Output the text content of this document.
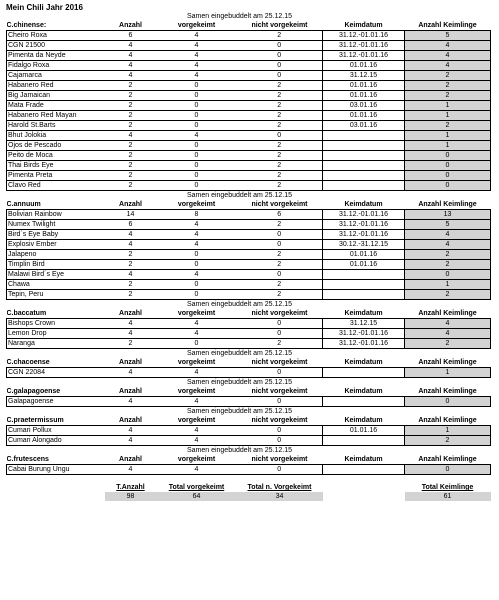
Mein Chili Jahr 2016
		Samen eingebuddelt am 25.12.15			
C.chinense:	Anzahl	vorgekeimt	nicht vorgekeimt	Keimdatum	Anzahl Keimlinge
Cheiro Roxa	6	4	2	31.12.-01.01.16	5
CGN 21500	4	4	0	31.12.-01.01.16	4
Pimenta da Neyde	4	4	0	31.12.-01.01.16	4
Fidalgo Roxa	4	4	0	01.01.16	4
Cajamarca	4	4	0	31.12.15	2
Habanero Red	2	0	2	01.01.16	2
Big Jamaican	2	0	2	01.01.16	2
Mata Frade	2	0	2	03.01.16	1
Habanero Red Mayan	2	0	2	01.01.16	1
Harold St.Barts	2	0	2	03.01.16	2
Bhut Jolokia	4	4	0		1
Ojos de Pescado	2	0	2		1
Peito de Moca	2	0	2		0
Thai Birds Eye	2	0	2		0
Pimenta Preta	2	0	2		0
Clavo Red	2	0	2		0
		Samen eingebuddelt am 25.12.15			
C.annuum	Anzahl	vorgekeimt	nicht vorgekeimt	Keimdatum	Anzahl Keimlinge
Bolivian Rainbow	14	8	6	31.12.-01.01.16	13
Numex Twilight	6	4	2	31.12.-01.01.16	5
Bird´s Eye Baby	4	4	0	31.12.-01.01.16	4
Explosiv Ember	4	4	0	30.12.-31.12.15	4
Jalapeno	2	0	2	01.01.16	2
Timplin Bird	2	0	2	01.01.16	2
Malawi Bird´s Eye	4	4	0		0
Chawa	2	0	2		1
Tepin, Peru	2	0	2		2
		Samen eingebuddelt am 25.12.15			
C.baccatum	Anzahl	vorgekeimt	nicht vorgekeimt	Keimdatum	Anzahl Keimlinge
Bishops Crown	4	4	0	31.12.15	4
Lemon Drop	4	4	0	31.12.-01.01.16	4
Naranga	2	0	2	31.12.-01.01.16	2
		Samen eingebuddelt am 25.12.15			
C.chacoense	Anzahl	vorgekeimt	nicht vorgekeimt	Keimdatum	Anzahl Keimlinge
CGN 22084	4	4	0		1
		Samen eingebuddelt am 25.12.15			
C.galapagoense	Anzahl	vorgekeimt	nicht vorgekeimt	Keimdatum	Anzahl Keimlinge
Galapagoense	4	4	0		0
		Samen eingebuddelt am 25.12.15			
C.praetermissum	Anzahl	vorgekeimt	nicht vorgekeimt	Keimdatum	Anzahl Keimlinge
Cumari Pollux	4	4	0	01.01.16	1
Cumari Alongado	4	4	0		2
		Samen eingebuddelt am 25.12.15			
C.frutescens	Anzahl	vorgekeimt	nicht vorgekeimt	Keimdatum	Anzahl Keimlinge
Cabai Burung Ungu	4	4	0		0

	T.Anzahl	Total vorgekeimt	Total n. Vorgekeimt		Total Keimlinge
	98	64	34		61
